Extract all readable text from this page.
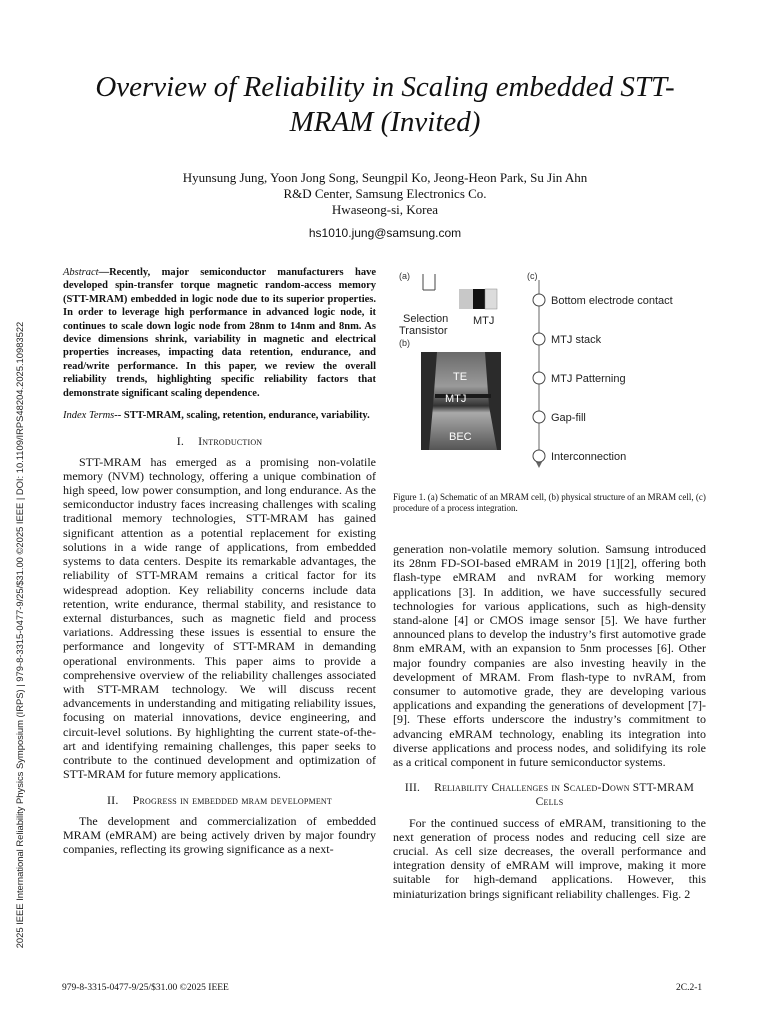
2025 IEEE International Reliability Physics Symposium (IRPS) | 979-8-3315-0477-9/25/$31.00 ©2025 IEEE | DOI: 10.1109/IRPS48204.2025.10983522
Overview of Reliability in Scaling embedded STT-MRAM (Invited)
Hyunsung Jung, Yoon Jong Song, Seungpil Ko, Jeong-Heon Park, Su Jin Ahn
R&D Center, Samsung Electronics Co.
Hwaseong-si, Korea
hs1010.jung@samsung.com

Abstract—Recently, major semiconductor manufacturers have developed spin-transfer torque magnetic random-access memory (STT-MRAM) embedded in logic node due to its superior properties. In order to leverage high performance in advanced logic node, it continues to scale down logic node from 28nm to 14nm and 8nm. As device dimensions shrink, variability in magnetic and electrical properties increases, impacting data retention, endurance, and read/write performance. In this paper, we review the overall reliability trends, highlighting specific reliability factors that demonstrate significant scaling dependence.

Index Terms-- STT-MRAM, scaling, retention, endurance, variability.

I. Introduction

STT-MRAM has emerged as a promising non-volatile memory (NVM) technology, offering a unique combination of high speed, low power consumption, and long endurance. As the semiconductor industry faces increasing challenges with scaling traditional memory technologies, STT-MRAM has gained significant attention as a potential replacement for existing solutions in a wide range of applications, from embedded systems to data centers. Despite its remarkable advantages, the reliability of STT-MRAM remains a critical factor for its widespread adoption. Key reliability concerns include data retention, write endurance, thermal stability, and resistance to external disturbances, such as magnetic field and process variations. Addressing these issues is essential to ensure the performance and longevity of STT-MRAM in demanding operational environments. This paper aims to provide a comprehensive overview of the reliability challenges associated with STT-MRAM technology. We will discuss recent advancements in understanding and mitigating reliability issues, focusing on material innovations, device engineering, and circuit-level solutions. By highlighting the current state-of-the-art and identifying remaining challenges, this paper seeks to contribute to the continued development and optimization of STT-MRAM for future memory applications.

II. Progress in embedded mram development

The development and commercialization of embedded MRAM (eMRAM) are being actively driven by major foundry companies, reflecting its growing significance as a next-

(a)
Selection Transistor
MTJ
(b)
TE
MTJ
BEC
(c)
Bottom electrode contact
MTJ stack
MTJ Patterning
Gap-fill
Interconnection

Figure 1. (a) Schematic of an MRAM cell, (b) physical structure of an MRAM cell, (c) procedure of a process integration.

generation non-volatile memory solution. Samsung introduced its 28nm FD-SOI-based eMRAM in 2019 [1][2], offering both flash-type eMRAM and nvRAM for working memory applications [3]. In addition, we have successfully secured technologies for various applications, such as high-density stand-alone [4] or CMOS image sensor [5]. We have further announced plans to develop the industry’s first automotive grade 8nm eMRAM, with an expansion to 5nm processes [6]. Other major foundry companies are also investing heavily in the development of MRAM. From flash-type to nvRAM, from consumer to automotive grade, they are developing various applications and expanding the generations of development [7]-[9]. These efforts underscore the industry’s commitment to advancing eMRAM technology, enabling its integration into diverse applications and process nodes, and solidifying its role as a critical component in future semiconductor systems.

III. Reliability Challenges in Scaled-Down STT-MRAM Cells

For the continued success of eMRAM, transitioning to the next generation of process nodes and reducing cell size are crucial. As cell size decreases, the overall performance and integration density of eMRAM will improve, making it more suitable for high-demand applications. However, this miniaturization brings significant reliability challenges. Fig. 2

979-8-3315-0477-9/25/$31.00 ©2025 IEEE	2C.2-1
